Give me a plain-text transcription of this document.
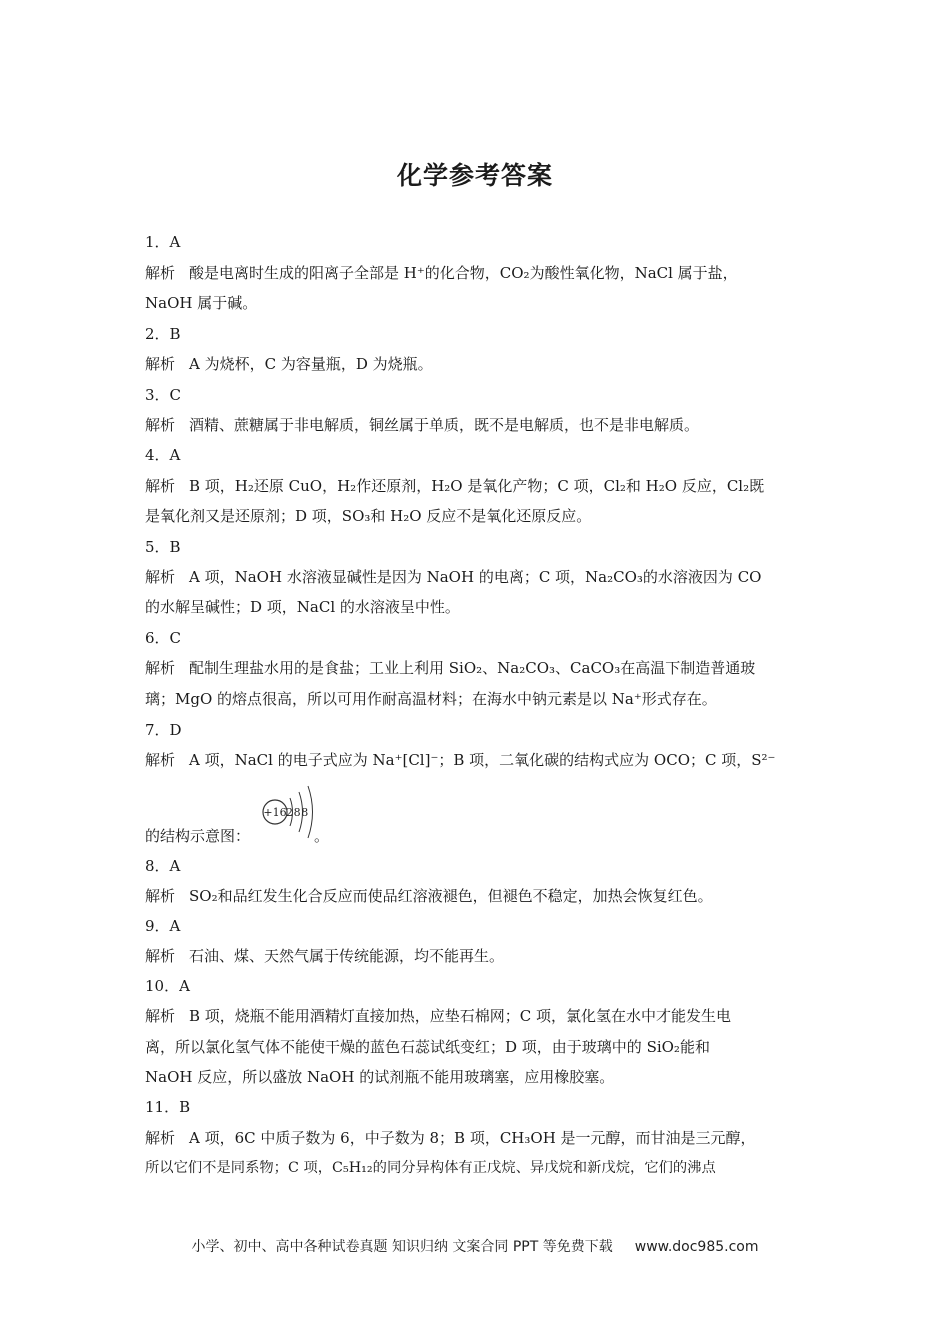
化学参考答案
1．A
解析 酸是电离时生成的阳离子全部是 H⁺的化合物，CO₂为酸性氧化物，NaCl 属于盐，
NaOH 属于碱。
2．B
解析 A 为烧杯，C 为容量瓶，D 为烧瓶。
3．C
解析 酒精、蔗糖属于非电解质，铜丝属于单质，既不是电解质，也不是非电解质。
4．A
解析 B 项，H₂还原 CuO，H₂作还原剂，H₂O 是氧化产物；C 项，Cl₂和 H₂O 反应，Cl₂既
是氧化剂又是还原剂；D 项，SO₃和 H₂O 反应不是氧化还原反应。
5．B
解析 A 项，NaOH 水溶液显碱性是因为 NaOH 的电离；C 项，Na₂CO₃的水溶液因为 CO
的水解呈碱性；D 项，NaCl 的水溶液呈中性。
6．C
解析 配制生理盐水用的是食盐；工业上利用 SiO₂、Na₂CO₃、CaCO₃在高温下制造普通玻
璃；MgO 的熔点很高，所以可用作耐高温材料；在海水中钠元素是以 Na⁺形式存在。
7．D
解析 A 项，NaCl 的电子式应为 Na⁺[Cl]⁻；B 项，二氧化碳的结构式应为 OCO；C 项，S²⁻
的结构示意图：
+16 288
。
8．A
解析 SO₂和品红发生化合反应而使品红溶液褪色，但褪色不稳定，加热会恢复红色。
9．A
解析 石油、煤、天然气属于传统能源，均不能再生。
10．A
解析 B 项，烧瓶不能用酒精灯直接加热，应垫石棉网；C 项，氯化氢在水中才能发生电
离，所以氯化氢气体不能使干燥的蓝色石蕊试纸变红；D 项，由于玻璃中的 SiO₂能和
NaOH 反应，所以盛放 NaOH 的试剂瓶不能用玻璃塞，应用橡胶塞。
11．B
解析 A 项，6C 中质子数为 6，中子数为 8；B 项，CH₃OH 是一元醇，而甘油是三元醇，
所以它们不是同系物；C 项，C₅H₁₂的同分异构体有正戊烷、异戊烷和新戊烷，它们的沸点
小学、初中、高中各种试卷真题 知识归纳 文案合同 PPT 等免费下载 www.doc985.com
